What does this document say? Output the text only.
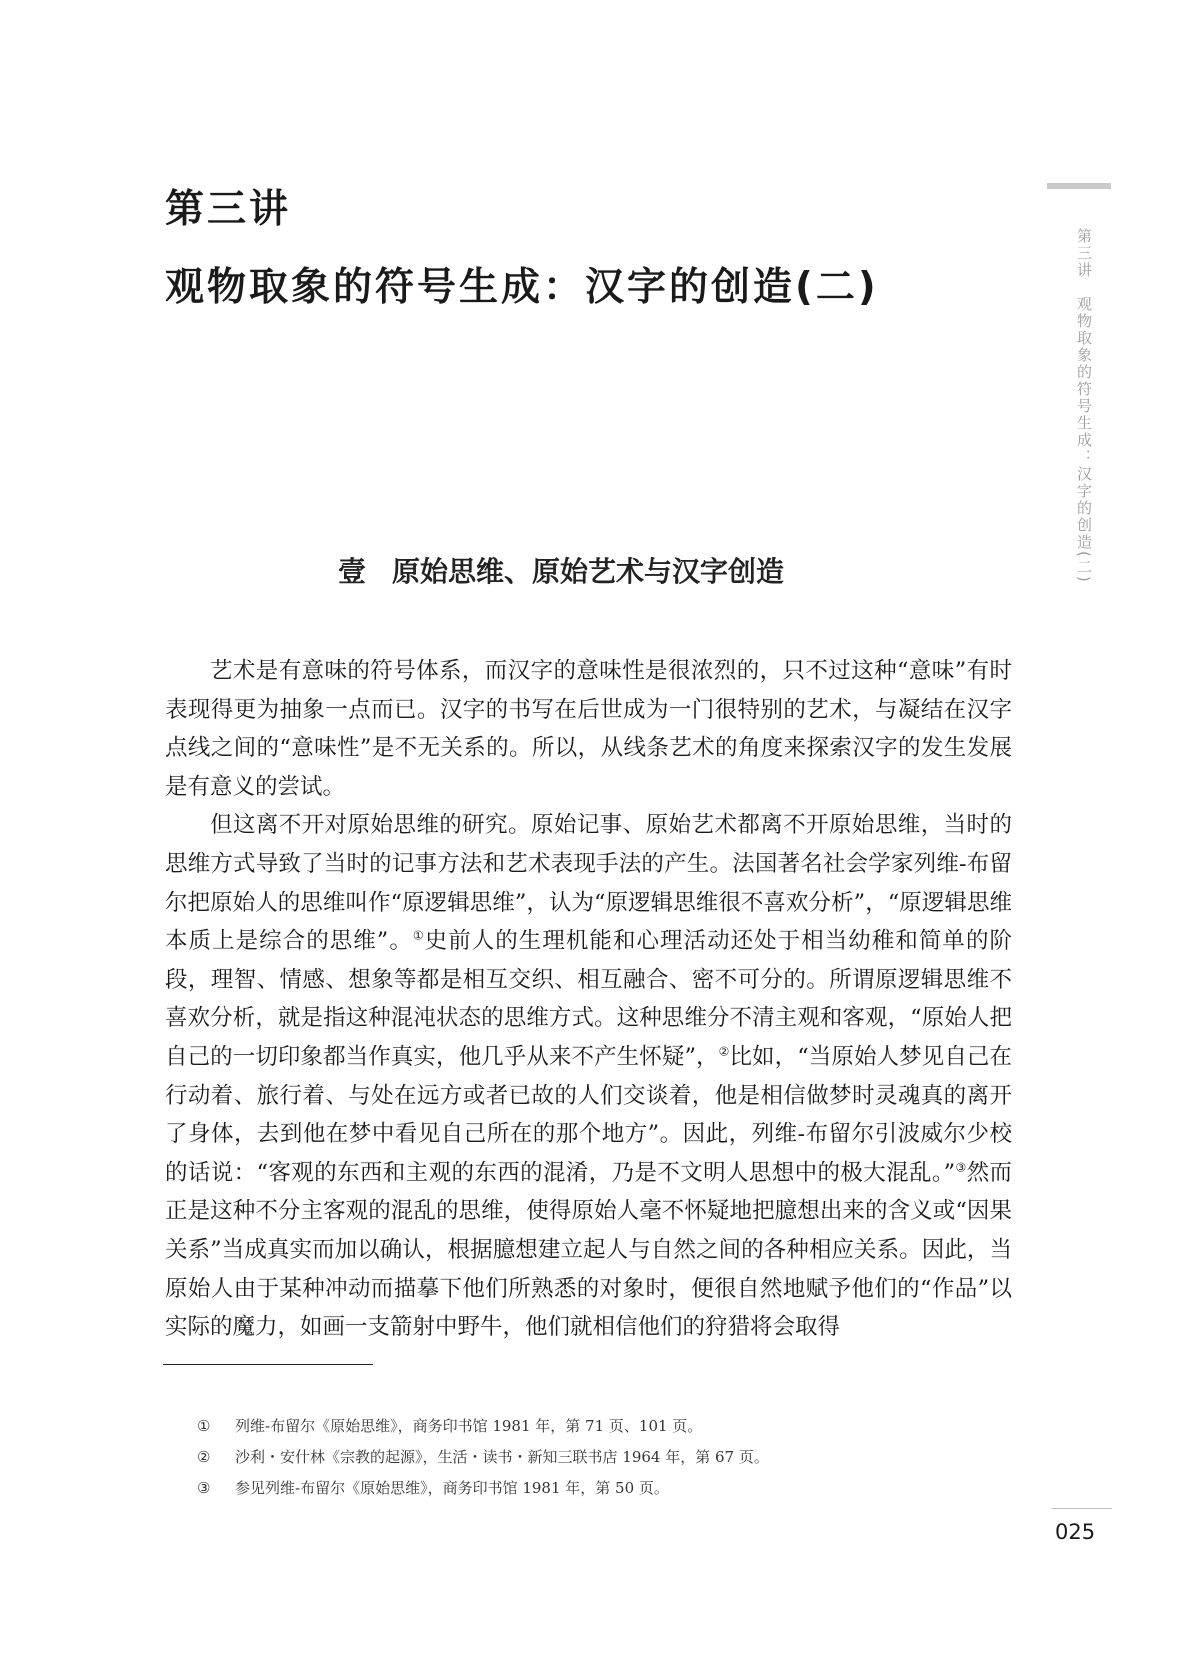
第三讲
观物取象的符号生成：汉字的创造(二)
壹 原始思维、原始艺术与汉字创造

艺术是有意味的符号体系，而汉字的意味性是很浓烈的，只不过这种“意味”有时表现得更为抽象一点而已。汉字的书写在后世成为一门很特别的艺术，与凝结在汉字点线之间的“意味性”是不无关系的。所以，从线条艺术的角度来探索汉字的发生发展是有意义的尝试。

但这离不开对原始思维的研究。原始记事、原始艺术都离不开原始思维，当时的思维方式导致了当时的记事方法和艺术表现手法的产生。法国著名社会学家列维-布留尔把原始人的思维叫作“原逻辑思维”，认为“原逻辑思维很不喜欢分析”，“原逻辑思维本质上是综合的思维”。①史前人的生理机能和心理活动还处于相当幼稚和简单的阶段，理智、情感、想象等都是相互交织、相互融合、密不可分的。所谓原逻辑思维不喜欢分析，就是指这种混沌状态的思维方式。这种思维分不清主观和客观，“原始人把自己的一切印象都当作真实，他几乎从来不产生怀疑”，②比如，“当原始人梦见自己在行动着、旅行着、与处在远方或者已故的人们交谈着，他是相信做梦时灵魂真的离开了身体，去到他在梦中看见自己所在的那个地方”。因此，列维-布留尔引波威尔少校的话说：“客观的东西和主观的东西的混淆，乃是不文明人思想中的极大混乱。”③然而正是这种不分主客观的混乱的思维，使得原始人毫不怀疑地把臆想出来的含义或“因果关系”当成真实而加以确认，根据臆想建立起人与自然之间的各种相应关系。因此，当原始人由于某种冲动而描摹下他们所熟悉的对象时，便很自然地赋予他们的“作品”以实际的魔力，如画一支箭射中野牛，他们就相信他们的狩猎将会取得

① 列维-布留尔《原始思维》，商务印书馆 1981 年，第 71 页、101 页。
② 沙利・安什林《宗教的起源》，生活・读书・新知三联书店 1964 年，第 67 页。
③ 参见列维-布留尔《原始思维》，商务印书馆 1981 年，第 50 页。
第三讲　观物取象的符号生成：汉字的创造(二)
025
